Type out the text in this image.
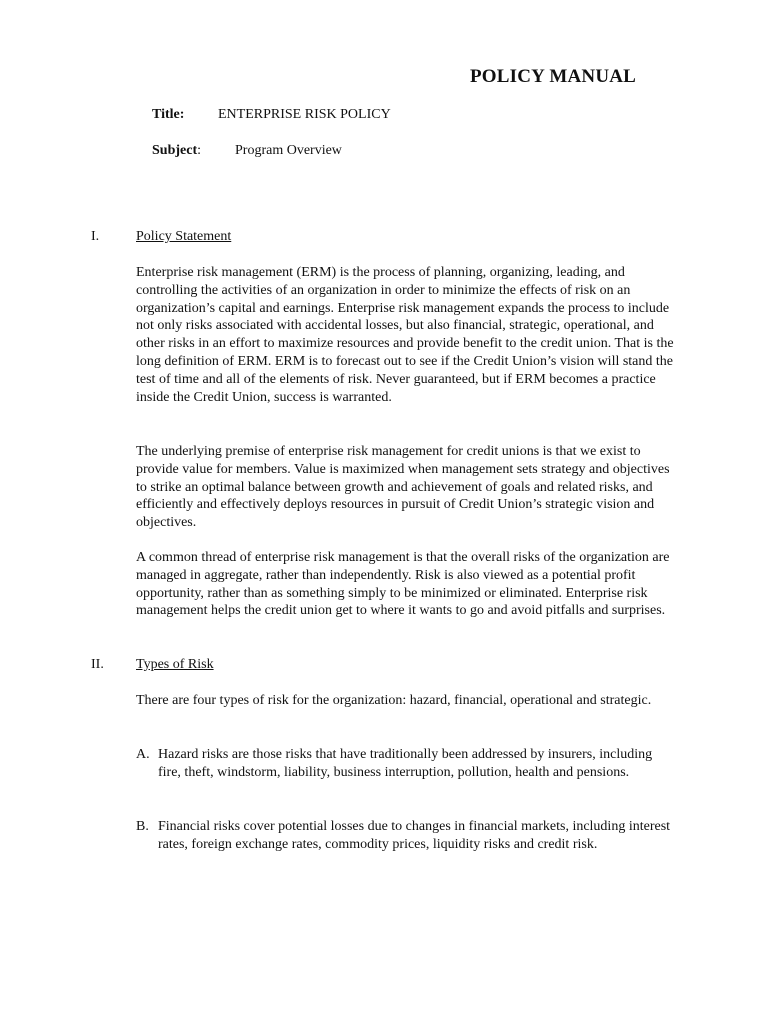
POLICY MANUAL
Title: ENTERPRISE RISK POLICY
Subject: Program Overview
I.	Policy Statement
Enterprise risk management (ERM) is the process of planning, organizing, leading, and controlling the activities of an organization in order to minimize the effects of risk on an organization’s capital and earnings. Enterprise risk management expands the process to include not only risks associated with accidental losses, but also financial, strategic, operational, and other risks in an effort to maximize resources and provide benefit to the credit union. That is the long definition of ERM. ERM is to forecast out to see if the Credit Union’s vision will stand the test of time and all of the elements of risk. Never guaranteed, but if ERM becomes a practice inside the Credit Union, success is warranted.
The underlying premise of enterprise risk management for credit unions is that we exist to provide value for members. Value is maximized when management sets strategy and objectives to strike an optimal balance between growth and achievement of goals and related risks, and efficiently and effectively deploys resources in pursuit of Credit Union’s strategic vision and objectives.
A common thread of enterprise risk management is that the overall risks of the organization are managed in aggregate, rather than independently. Risk is also viewed as a potential profit opportunity, rather than as something simply to be minimized or eliminated. Enterprise risk management helps the credit union get to where it wants to go and avoid pitfalls and surprises.
II. Types of Risk
There are four types of risk for the organization: hazard, financial, operational and strategic.
A. Hazard risks are those risks that have traditionally been addressed by insurers, including fire, theft, windstorm, liability, business interruption, pollution, health and pensions.
B. Financial risks cover potential losses due to changes in financial markets, including interest rates, foreign exchange rates, commodity prices, liquidity risks and credit risk.
